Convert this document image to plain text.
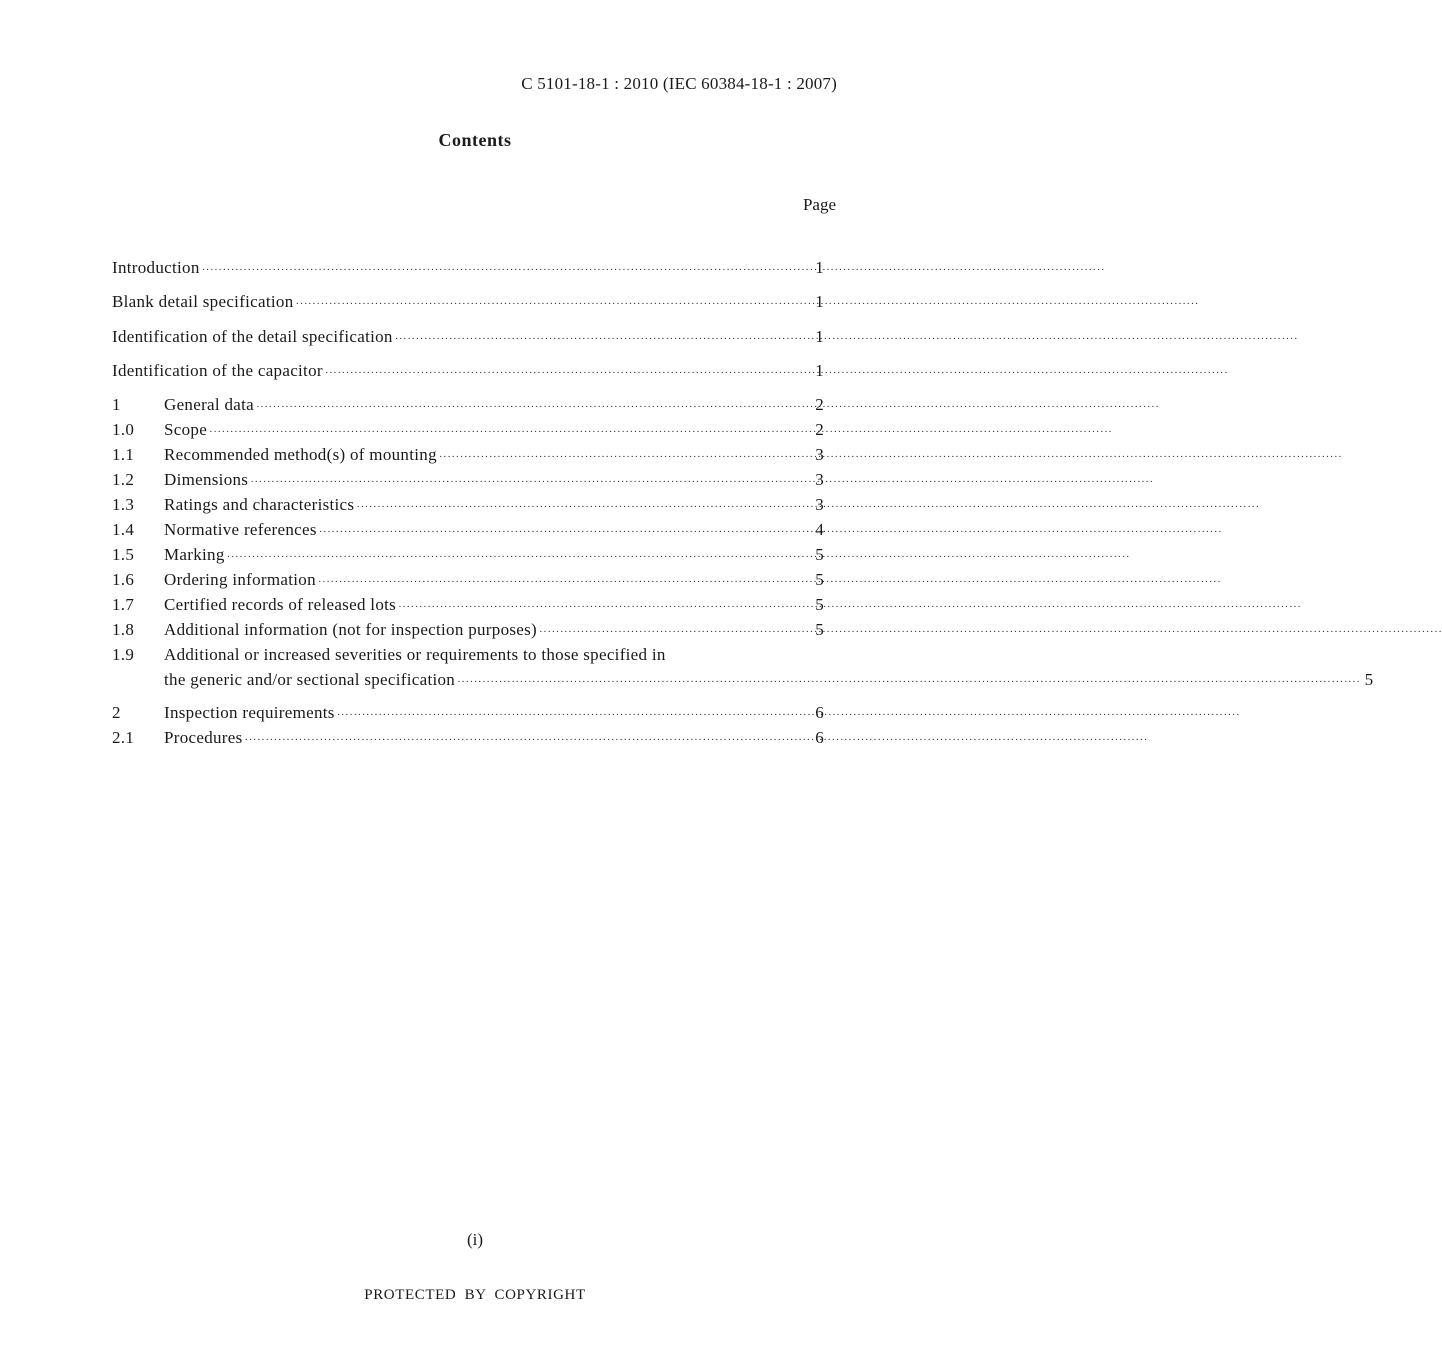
C 5101-18-1 : 2010 (IEC 60384-18-1 : 2007)
Contents
Page
Introduction ·····	1
Blank detail specification ·····	1
Identification of the detail specification ·····	1
Identification of the capacitor ·····	1
1	General data ·····	2
1.0	Scope ·····	2
1.1	Recommended method(s) of mounting ·····	3
1.2	Dimensions ·····	3
1.3	Ratings and characteristics ·····	3
1.4	Normative references ·····	4
1.5	Marking ·····	5
1.6	Ordering information ·····	5
1.7	Certified records of released lots ·····	5
1.8	Additional information (not for inspection purposes) ·····	5
1.9	Additional or increased severities or requirements to those specified in
the generic and/or sectional specification ·····	5
2	Inspection requirements ·····	6
2.1	Procedures ·····	6
(i)
PROTECTED BY COPYRIGHT
